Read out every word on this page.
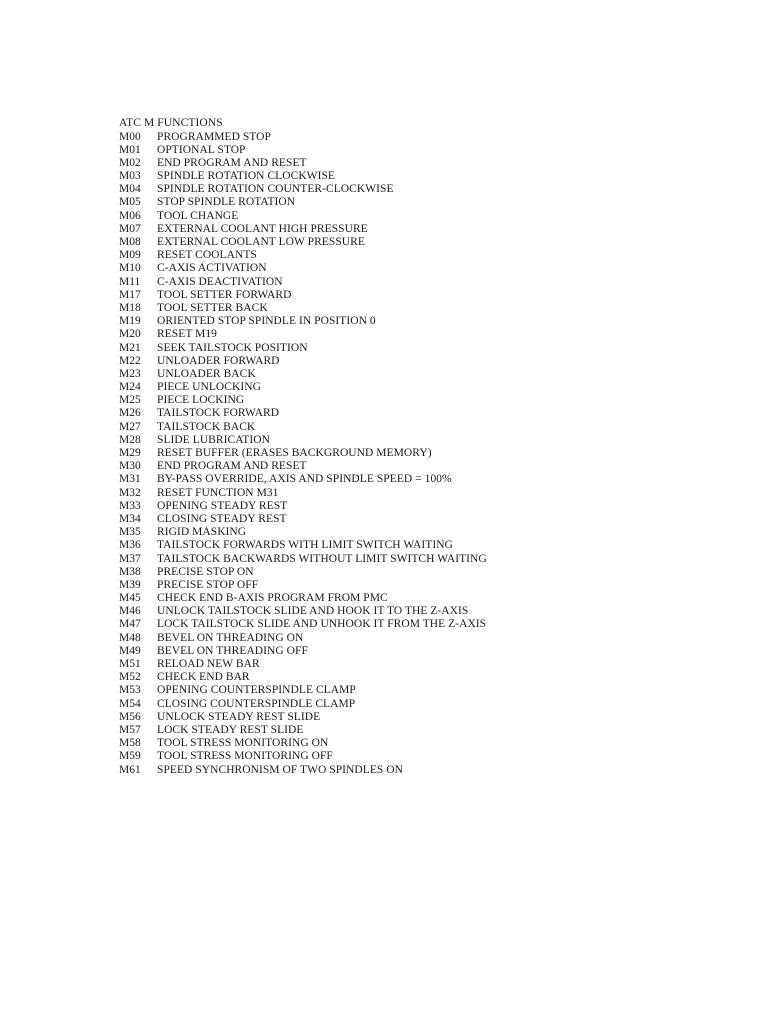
ATC M FUNCTIONS
M00	PROGRAMMED STOP
M01	OPTIONAL STOP
M02	END PROGRAM AND RESET
M03	SPINDLE ROTATION CLOCKWISE
M04	SPINDLE ROTATION COUNTER-CLOCKWISE
M05	STOP SPINDLE ROTATION
M06	TOOL CHANGE
M07	EXTERNAL COOLANT HIGH PRESSURE
M08	EXTERNAL COOLANT LOW PRESSURE
M09	RESET COOLANTS
M10	C-AXIS ACTIVATION
M11	C-AXIS DEACTIVATION
M17	TOOL SETTER FORWARD
M18	TOOL SETTER BACK
M19	ORIENTED STOP SPINDLE IN POSITION 0
M20	RESET M19
M21	SEEK TAILSTOCK POSITION
M22	UNLOADER FORWARD
M23	UNLOADER BACK
M24	PIECE UNLOCKING
M25	PIECE LOCKING
M26	TAILSTOCK FORWARD
M27	TAILSTOCK BACK
M28	SLIDE LUBRICATION
M29	RESET BUFFER (ERASES BACKGROUND MEMORY)
M30	END PROGRAM AND RESET
M31	BY-PASS OVERRIDE, AXIS AND SPINDLE SPEED = 100%
M32	RESET FUNCTION M31
M33	OPENING STEADY REST
M34	CLOSING STEADY REST
M35	RIGID MASKING
M36	TAILSTOCK FORWARDS WITH LIMIT SWITCH WAITING
M37	TAILSTOCK BACKWARDS WITHOUT LIMIT SWITCH WAITING
M38	PRECISE STOP ON
M39	PRECISE STOP OFF
M45	CHECK END B-AXIS PROGRAM FROM PMC
M46	UNLOCK TAILSTOCK SLIDE AND HOOK IT TO THE Z-AXIS
M47	LOCK TAILSTOCK SLIDE AND UNHOOK IT FROM THE Z-AXIS
M48	BEVEL ON THREADING ON
M49	BEVEL ON THREADING OFF
M51	RELOAD NEW BAR
M52	CHECK END BAR
M53	OPENING COUNTERSPINDLE CLAMP
M54	CLOSING COUNTERSPINDLE CLAMP
M56	UNLOCK STEADY REST SLIDE
M57	LOCK STEADY REST SLIDE
M58	TOOL STRESS MONITORING ON
M59	TOOL STRESS MONITORING OFF
M61	SPEED SYNCHRONISM OF TWO SPINDLES ON
